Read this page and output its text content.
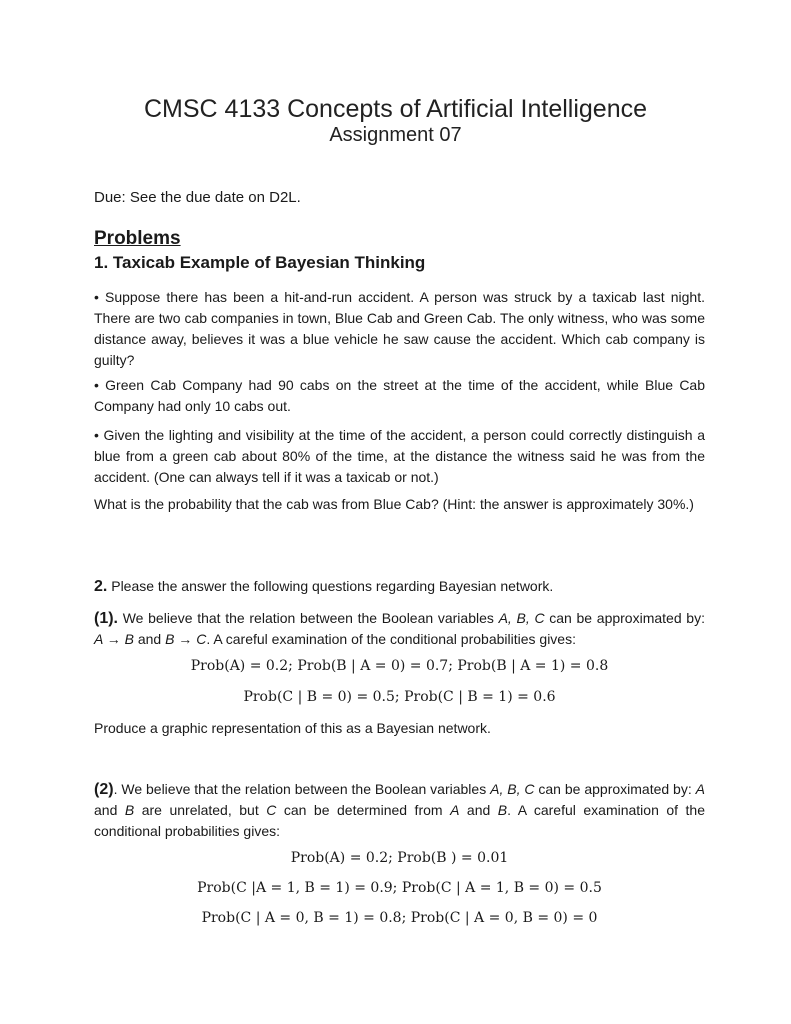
CMSC 4133 Concepts of Artificial Intelligence
Assignment 07
Due: See the due date on D2L.
Problems
1. Taxicab Example of Bayesian Thinking
• Suppose there has been a hit-and-run accident. A person was struck by a taxicab last night. There are two cab companies in town, Blue Cab and Green Cab. The only witness, who was some distance away, believes it was a blue vehicle he saw cause the accident. Which cab company is guilty?
• Green Cab Company had 90 cabs on the street at the time of the accident, while Blue Cab Company had only 10 cabs out.
• Given the lighting and visibility at the time of the accident, a person could correctly distinguish a blue from a green cab about 80% of the time, at the distance the witness said he was from the accident. (One can always tell if it was a taxicab or not.)
What is the probability that the cab was from Blue Cab? (Hint: the answer is approximately 30%.)
2. Please the answer the following questions regarding Bayesian network.
(1). We believe that the relation between the Boolean variables A, B, C can be approximated by: A → B and B → C. A careful examination of the conditional probabilities gives:
Prob(A) = 0.2; Prob(B | A = 0) = 0.7; Prob(B | A = 1) = 0.8
Prob(C | B = 0) = 0.5; Prob(C | B = 1) = 0.6
Produce a graphic representation of this as a Bayesian network.
(2). We believe that the relation between the Boolean variables A, B, C can be approximated by: A and B are unrelated, but C can be determined from A and B. A careful examination of the conditional probabilities gives:
Prob(A) = 0.2; Prob(B ) = 0.01
Prob(C |A = 1, B = 1) = 0.9; Prob(C | A = 1, B = 0) = 0.5
Prob(C | A = 0, B = 1) = 0.8; Prob(C | A = 0, B = 0) = 0
